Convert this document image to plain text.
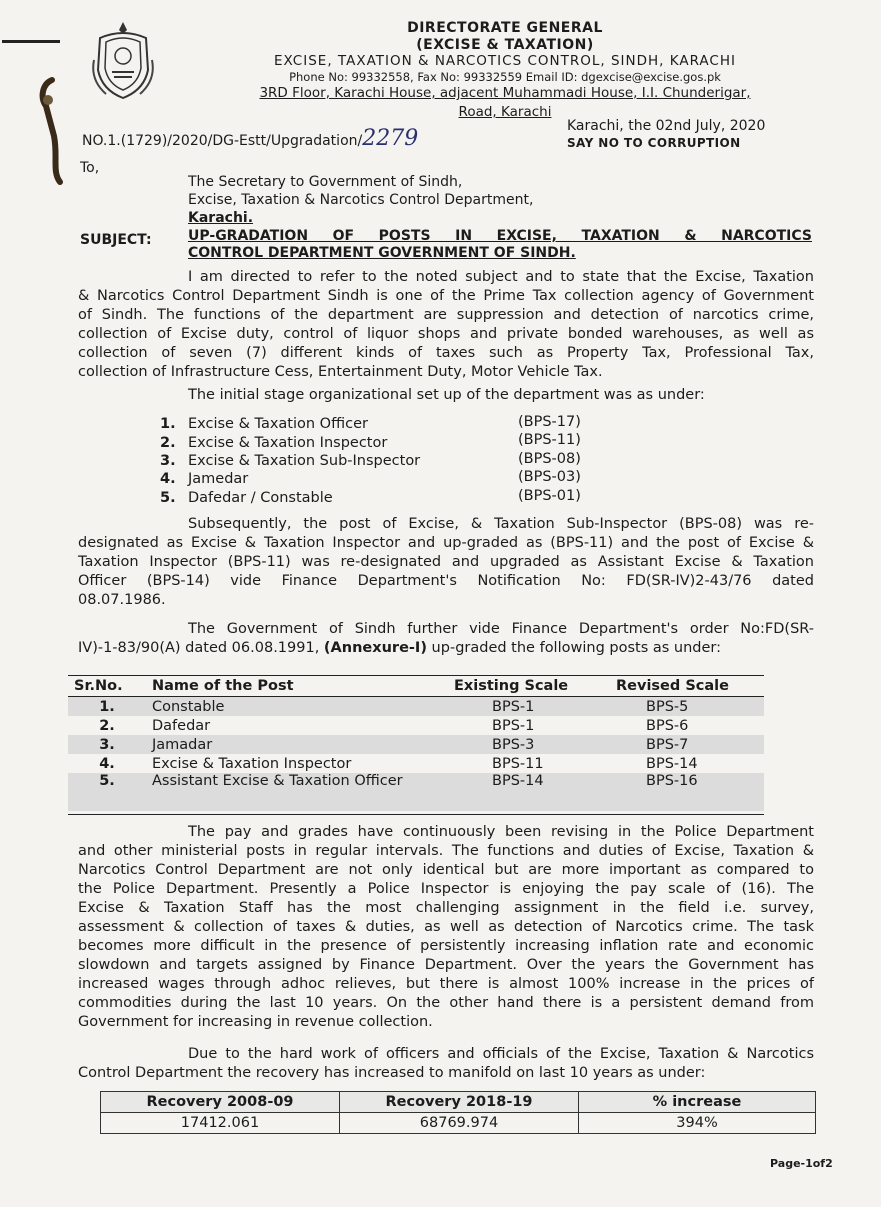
DIRECTORATE GENERAL
(EXCISE & TAXATION)
EXCISE, TAXATION & NARCOTICS CONTROL, SINDH, KARACHI
Phone No: 99332558, Fax No: 99332559 Email ID: dgexcise@excise.gos.pk
3RD Floor, Karachi House, adjacent Muhammadi House, I.I. Chunderigar,
Road, Karachi
NO.1.(1729)/2020/DG-Estt/Upgradation/2279	Karachi, the 02nd July, 2020
SAY NO TO CORRUPTION
To,
The Secretary to Government of Sindh,
Excise, Taxation & Narcotics Control Department,
Karachi.
SUBJECT:	UP-GRADATION OF POSTS IN EXCISE, TAXATION & NARCOTICS
CONTROL DEPARTMENT GOVERNMENT OF SINDH.
I am directed to refer to the noted subject and to state that the Excise, Taxation
& Narcotics Control Department Sindh is one of the Prime Tax collection agency of Government
of Sindh. The functions of the department are suppression and detection of narcotics crime,
collection of Excise duty, control of liquor shops and private bonded warehouses, as well as
collection of seven (7) different kinds of taxes such as Property Tax, Professional Tax,
collection of Infrastructure Cess, Entertainment Duty, Motor Vehicle Tax.
The initial stage organizational set up of the department was as under:
1. Excise & Taxation Officer	(BPS-17)
2. Excise & Taxation Inspector	(BPS-11)
3. Excise & Taxation Sub-Inspector	(BPS-08)
4. Jamedar	(BPS-03)
5. Dafedar / Constable	(BPS-01)
Subsequently, the post of Excise, & Taxation Sub-Inspector (BPS-08) was re-
designated as Excise & Taxation Inspector and up-graded as (BPS-11) and the post of Excise &
Taxation Inspector (BPS-11) was re-designated and upgraded as Assistant Excise & Taxation
Officer (BPS-14) vide Finance Department's Notification No: FD(SR-IV)2-43/76 dated
08.07.1986.
The Government of Sindh further vide Finance Department's order No:FD(SR-
IV)-1-83/90(A) dated 06.08.1991, (Annexure-I) up-graded the following posts as under:
Sr.No.	Name of the Post	Existing Scale	Revised Scale
1.	Constable	BPS-1	BPS-5
2.	Dafedar	BPS-1	BPS-6
3.	Jamadar	BPS-3	BPS-7
4.	Excise & Taxation Inspector	BPS-11	BPS-14
5.	Assistant Excise & Taxation Officer	BPS-14	BPS-16
The pay and grades have continuously been revising in the Police Department
and other ministerial posts in regular intervals. The functions and duties of Excise, Taxation &
Narcotics Control Department are not only identical but are more important as compared to
the Police Department. Presently a Police Inspector is enjoying the pay scale of (16). The
Excise & Taxation Staff has the most challenging assignment in the field i.e. survey,
assessment & collection of taxes & duties, as well as detection of Narcotics crime. The task
becomes more difficult in the presence of persistently increasing inflation rate and economic
slowdown and targets assigned by Finance Department. Over the years the Government has
increased wages through adhoc relieves, but there is almost 100% increase in the prices of
commodities during the last 10 years. On the other hand there is a persistent demand from
Government for increasing in revenue collection.
Due to the hard work of officers and officials of the Excise, Taxation & Narcotics
Control Department the recovery has increased to manifold on last 10 years as under:
Recovery 2008-09	Recovery 2018-19	% increase
17412.061	68769.974	394%
Page-1of2
